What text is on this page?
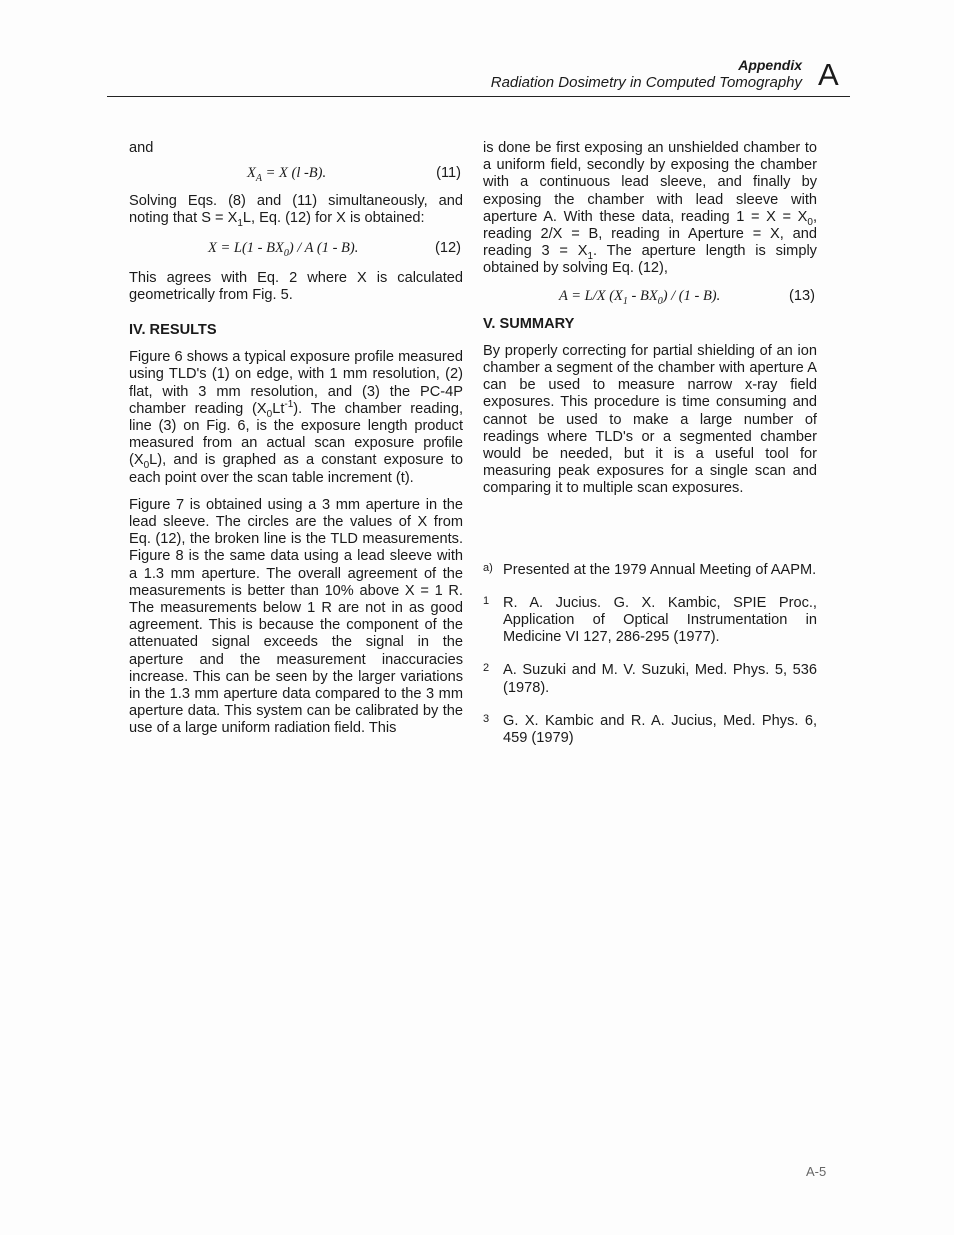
Appendix
Radiation Dosimetry in Computed Tomography A

and

$X_A = X$ (l -B).	(11)

Solving Eqs. (8) and (11) simultaneously, and noting that $S = X_1L$, Eq. (12) for X is obtained:

$X = L(1 - BX_0) / A$ (1 - B).	(12)

This agrees with Eq. 2 where X is calculated geometrically from Fig. 5.

IV. RESULTS

Figure 6 shows a typical exposure profile measured using TLD's (1) on edge, with 1 mm resolution, (2) flat, with 3 mm resolution, and (3) the PC-4P chamber reading $(X_0Lt^{-1})$. The chamber reading, line (3) on Fig. 6, is the exposure length product measured from an actual scan exposure profile $(X_0L)$, and is graphed as a constant exposure to each point over the scan table increment (t).

Figure 7 is obtained using a 3 mm aperture in the lead sleeve. The circles are the values of X from Eq. (12), the broken line is the TLD measurements. Figure 8 is the same data using a lead sleeve with a 1.3 mm aperture. The overall agreement of the measurements is better than 10% above X = 1 R. The measurements below 1 R are not in as good agreement. This is because the component of the attenuated signal exceeds the signal in the aperture and the measurement inaccuracies increase. This can be seen by the larger variations in the 1.3 mm aperture data compared to the 3 mm aperture data. This system can be calibrated by the use of a large uniform radiation field. This

is done be first exposing an unshielded chamber to a uniform field, secondly by exposing the chamber with a continuous lead sleeve, and finally by exposing the chamber with lead sleeve with aperture A. With these data, reading $1 = X = X_0$, reading 2/X = B, reading in Aperture = X, and reading $3 = X_1$. The aperture length is simply obtained by solving Eq. (12),

A = L/X $(X_1 - BX_0) / (1 - B)$.	(13)

V. SUMMARY

By properly correcting for partial shielding of an ion chamber a segment of the chamber with aperture A can be used to measure narrow x-ray field exposures. This procedure is time consuming and cannot be used to make a large number of readings where TLD's or a segmented chamber would be needed, but it is a useful tool for measuring peak exposures for a single scan and comparing it to multiple scan exposures.

a) Presented at the 1979 Annual Meeting of AAPM.

1 R. A. Jucius. G. X. Kambic, SPIE Proc., Application of Optical Instrumentation in Medicine VI 127, 286-295 (1977).

2 A. Suzuki and M. V. Suzuki, Med. Phys. 5, 536 (1978).

3 G. X. Kambic and R. A. Jucius, Med. Phys. 6, 459 (1979)

A-5
